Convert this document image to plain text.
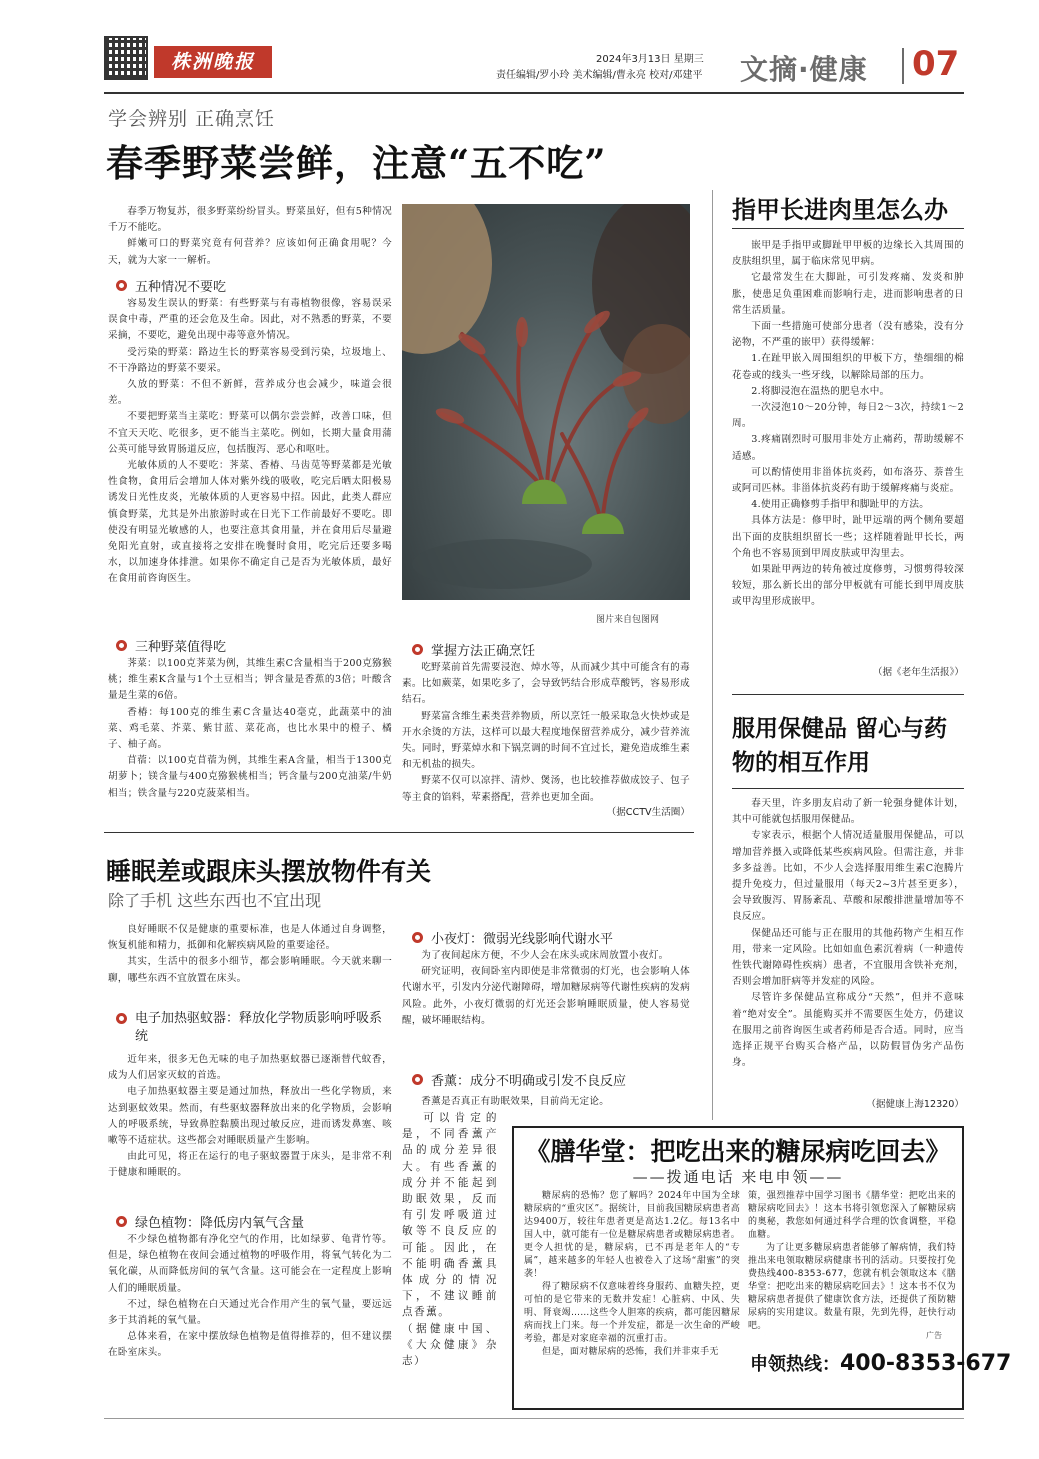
株洲晚报	2024年3月13日 星期三
责任编辑/罗小玲 美术编辑/曹永亮 校对/邓建平 文摘·健康 07
学会辨别 正确烹饪
春季野菜尝鲜，注意“五不吃”

春季万物复苏，很多野菜纷纷冒头。野菜虽好，但有5种情况千万不能吃。

鲜嫩可口的野菜究竟有何营养？应该如何正确食用呢？今天，就为大家一一解析。

五种情况不要吃

容易发生误认的野菜：有些野菜与有毒植物很像，容易误采误食中毒，严重的还会危及生命。因此，对不熟悉的野菜，不要采摘，不要吃，避免出现中毒等意外情况。

受污染的野菜：路边生长的野菜容易受到污染，垃圾地上、不干净路边的野菜不要采。

久放的野菜：不但不新鲜，营养成分也会减少，味道会很差。

不要把野菜当主菜吃：野菜可以偶尔尝尝鲜，改善口味，但不宜天天吃、吃很多，更不能当主菜吃。例如，长期大量食用蒲公英可能导致胃肠道反应，包括腹泻、恶心和呕吐。

光敏体质的人不要吃：荠菜、香椿、马齿苋等野菜都是光敏性食物，食用后会增加人体对紫外线的吸收，吃完后晒太阳极易诱发日光性皮炎，光敏体质的人更容易中招。因此，此类人群应慎食野菜，尤其是外出旅游时或在日光下工作前最好不要吃。即使没有明显光敏感的人，也要注意其食用量，并在食用后尽量避免阳光直射，或直接将之安排在晚餐时食用，吃完后还要多喝水，以加速身体排泄。如果你不确定自己是否为光敏体质，最好在食用前咨询医生。

图片来自包图网
三种野菜值得吃

荠菜：以100克荠菜为例，其维生素C含量相当于200克猕猴桃；维生素K含量与1个土豆相当；钾含量是香蕉的3倍；叶酸含量是生菜的6倍。

香椿：每100克的维生素C含量达40毫克，此蔬菜中的油菜、鸡毛菜、芥菜、紫甘蓝、菜花高，也比水果中的橙子、橘子、柚子高。

苜蓿：以100克苜蓿为例，其维生素A含量，相当于1300克胡萝卜；镁含量与400克猕猴桃相当；钙含量与200克油菜/牛奶相当；铁含量与220克菠菜相当。

掌握方法正确烹饪

吃野菜前首先需要浸泡、焯水等，从而减少其中可能含有的毒素。比如蕨菜，如果吃多了，会导致钙结合形成草酸钙，容易形成结石。

野菜富含维生素类营养物质，所以烹饪一般采取急火快炒或是开水余烫的方法，这样可以最大程度地保留营养成分，减少营养流失。同时，野菜焯水和下锅烹调的时间不宜过长，避免造成维生素和无机盐的损失。

野菜不仅可以凉拌、清炒、煲汤，也比较推荐做成饺子、包子等主食的馅料，荤素搭配，营养也更加全面。

（据CCTV生活圈）
指甲长进肉里怎么办

嵌甲是手指甲或脚趾甲甲板的边缘长入其周围的皮肤组织里，属于临床常见甲病。

它最常发生在大脚趾，可引发疼痛、发炎和肿胀，使患足负重困难而影响行走，进而影响患者的日常生活质量。

下面一些措施可使部分患者（没有感染，没有分泌物，不严重的嵌甲）获得缓解：

1.在趾甲嵌入周围组织的甲板下方，垫细细的棉花卷或的线头一些牙线，以解除局部的压力。

2.将脚浸泡在温热的肥皂水中。

一次浸泡10～20分钟，每日2～3次，持续1～2周。

3.疼痛剧烈时可服用非处方止痛药，帮助缓解不适感。

可以酌情使用非甾体抗炎药，如布洛芬、萘普生或阿司匹林。非甾体抗炎药有助于缓解疼痛与炎症。

4.使用正确修剪手指甲和脚趾甲的方法。

具体方法是：修甲时，趾甲远端的两个侧角要超出下面的皮肤组织留长一些；这样随着趾甲长长，两个角也不容易顶到甲周皮肤或甲沟里去。

如果趾甲两边的转角被过度修剪，习惯剪得较深较短，那么新长出的部分甲板就有可能长到甲周皮肤或甲沟里形成嵌甲。

（据《老年生活报》）
服用保健品 留心与药物的相互作用

春天里，许多朋友启动了新一轮强身健体计划，其中可能就包括服用保健品。

专家表示，根据个人情况适量服用保健品，可以增加营养摄入或降低某些疾病风险。但需注意，并非多多益善。比如，不少人会选择服用维生素C泡腾片提升免疫力，但过量服用（每天2~3片甚至更多），会导致腹泻、胃肠紊乱、草酸和尿酸排泄量增加等不良反应。

保健品还可能与正在服用的其他药物产生相互作用，带来一定风险。比如如血色素沉着病（一种遗传性铁代谢障碍性疾病）患者，不宜服用含铁补充剂，否则会增加肝病等并发症的风险。

尽管许多保健品宣称成分“天然”，但并不意味着“绝对安全”。虽能购买并不需要医生处方，仍建议在服用之前咨询医生或者药师是否合适。同时，应当选择正规平台购买合格产品，以防假冒伪劣产品伤身。

（据健康上海12320）
睡眠差或跟床头摆放物件有关
除了手机 这些东西也不宜出现

良好睡眠不仅是健康的重要标准，也是人体通过自身调整，恢复机能和精力，抵御和化解疾病风险的重要途径。

其实，生活中的很多小细节，都会影响睡眠。今天就来聊一聊，哪些东西不宜放置在床头。

电子加热驱蚊器：释放化学物质影响呼吸系统

近年来，很多无色无味的电子加热驱蚊器已逐渐替代蚊香，成为人们居家灭蚊的首选。

电子加热驱蚊器主要是通过加热，释放出一些化学物质，来达到驱蚊效果。然而，有些驱蚊器释放出来的化学物质，会影响人的呼吸系统，导致鼻腔黏膜出现过敏反应，进而诱发鼻塞、咳嗽等不适症状。这些都会对睡眠质量产生影响。

由此可见，将正在运行的电子驱蚊器置于床头，是非常不利于健康和睡眠的。

绿色植物：降低房内氧气含量

不少绿色植物都有净化空气的作用，比如绿萝、龟背竹等。但是，绿色植物在夜间会通过植物的呼吸作用，将氧气转化为二氧化碳，从而降低房间的氧气含量。这可能会在一定程度上影响人们的睡眠质量。

不过，绿色植物在白天通过光合作用产生的氧气量，要远远多于其消耗的氧气量。

总体来看，在家中摆放绿色植物是值得推荐的，但不建议摆在卧室床头。

小夜灯：微弱光线影响代谢水平

为了夜间起床方便，不少人会在床头或床周放置小夜灯。

研究证明，夜间卧室内即使是非常微弱的灯光，也会影响人体代谢水平，引发内分泌代谢障碍，增加糖尿病等代谢性疾病的发病风险。此外，小夜灯微弱的灯光还会影响睡眠质量，使人容易觉醒，破坏睡眠结构。

香薰：成分不明确或引发不良反应

香薰是否真正有助眠效果，目前尚无定论。

可以肯定的是，不同香薰产品的成分差异很大。有些香薰的成分并不能起到助眠效果，反而有引发呼吸道过敏等不良反应的可能。因此，在不能明确香薰具体成分的情况下，不建议睡前点香薰。

（据健康中国、《大众健康》杂志）

《膳华堂：把吃出来的糖尿病吃回去》
——拨通电话 来电申领——

糖尿病的恐怖？您了解吗？2024年中国为全球糖尿病的“重灾区”。据统计，目前我国糖尿病患者高达9400万，较往年患者更是高达1.2亿。每13名中国人中，就可能有一位是糖尿病患者或糖尿病患者。更令人担忧的是，糖尿病，已不再是老年人的“专属”，越来越多的年轻人也被卷入了这场“甜蜜”的突袭！

得了糖尿病不仅意味着终身服药、血糖失控，更可怕的是它带来的无数并发症！心脏病、中风、失明、肾衰竭……这些令人胆寒的疾病，都可能因糖尿病而找上门来。每一个并发症，都是一次生命的严峻考验，都是对家庭幸福的沉重打击。

但是，面对糖尿病的恐怖，我们并非束手无

策，强烈推荐中国学习图书《膳华堂：把吃出来的糖尿病吃回去》！这本书将引领您深入了解糖尿病的奥秘，教您如何通过科学合理的饮食调整，平稳血糖。

为了让更多糖尿病患者能够了解病情，我们特推出来电领取糖尿病健康书刊的活动。只要按打免费热线400-8353-677，您就有机会领取这本《膳华堂：把吃出来的糖尿病吃回去》！这本书不仅为糖尿病患者提供了健康饮食方法，还提供了预防糖尿病的实用建议。数量有限，先到先得，赶快行动吧。

广告
申领热线：400-8353-677
